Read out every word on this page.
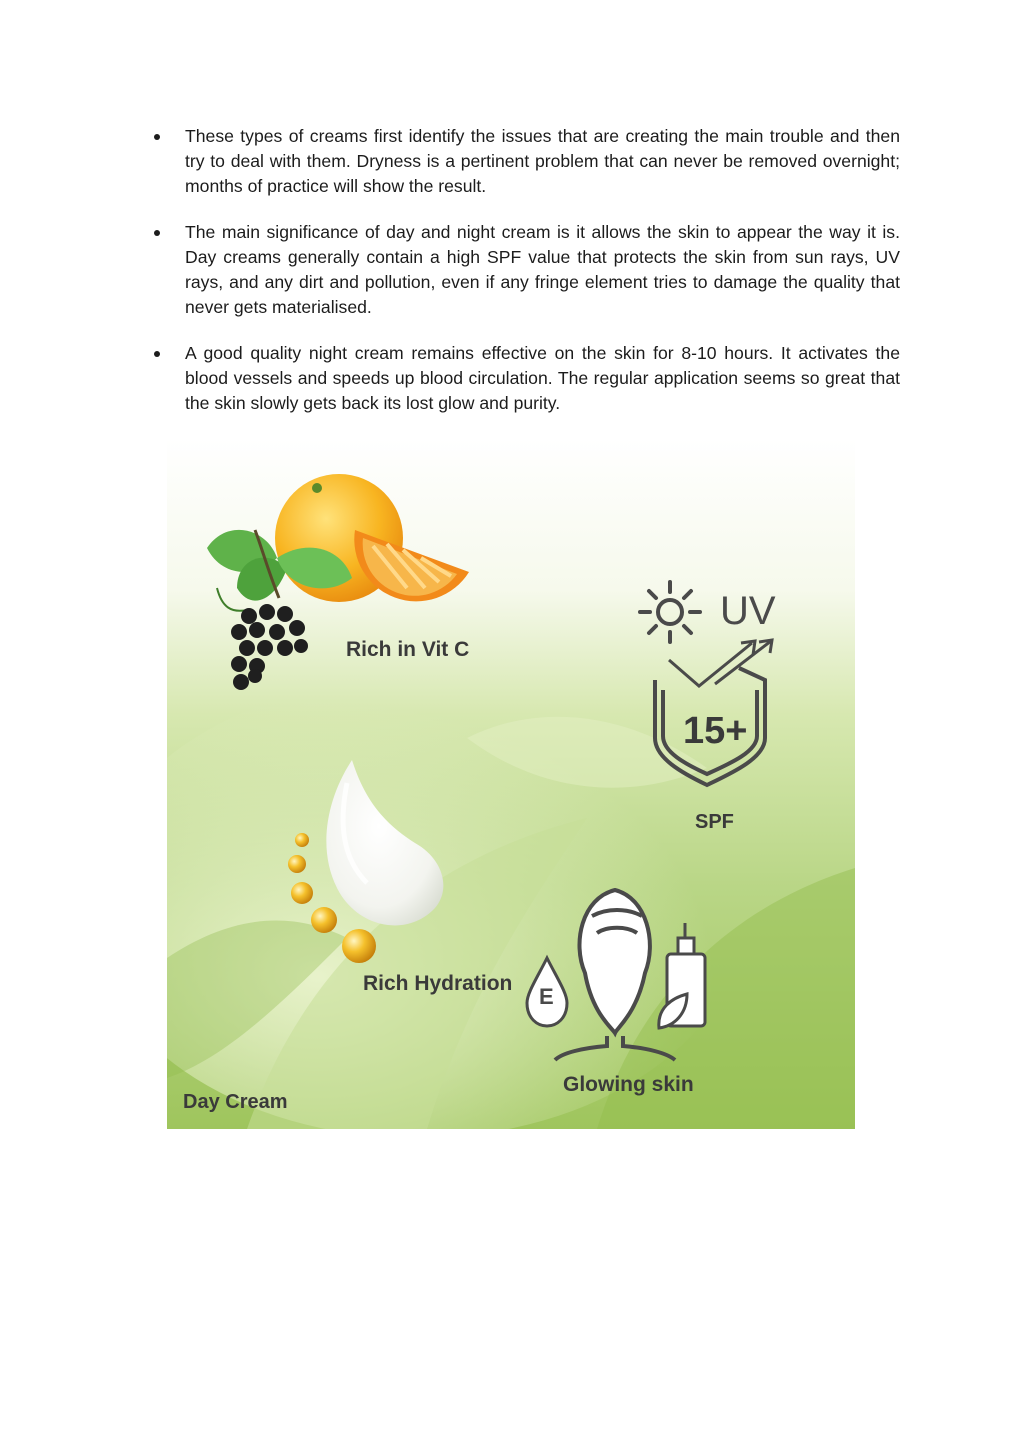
These types of creams first identify the issues that are creating the main trouble and then try to deal with them. Dryness is a pertinent problem that can never be removed overnight; months of practice will show the result.
The main significance of day and night cream is it allows the skin to appear the way it is. Day creams generally contain a high SPF value that protects the skin from sun rays, UV rays, and any dirt and pollution, even if any fringe element tries to damage the quality that never gets materialised.
A good quality night cream remains effective on the skin for 8-10 hours. It activates the blood vessels and speeds up blood circulation. The regular application seems so great that the skin slowly gets back its lost glow and purity.
Rich in Vit C
UV
15+
SPF
Rich Hydration
E
Glowing skin
Day Cream
